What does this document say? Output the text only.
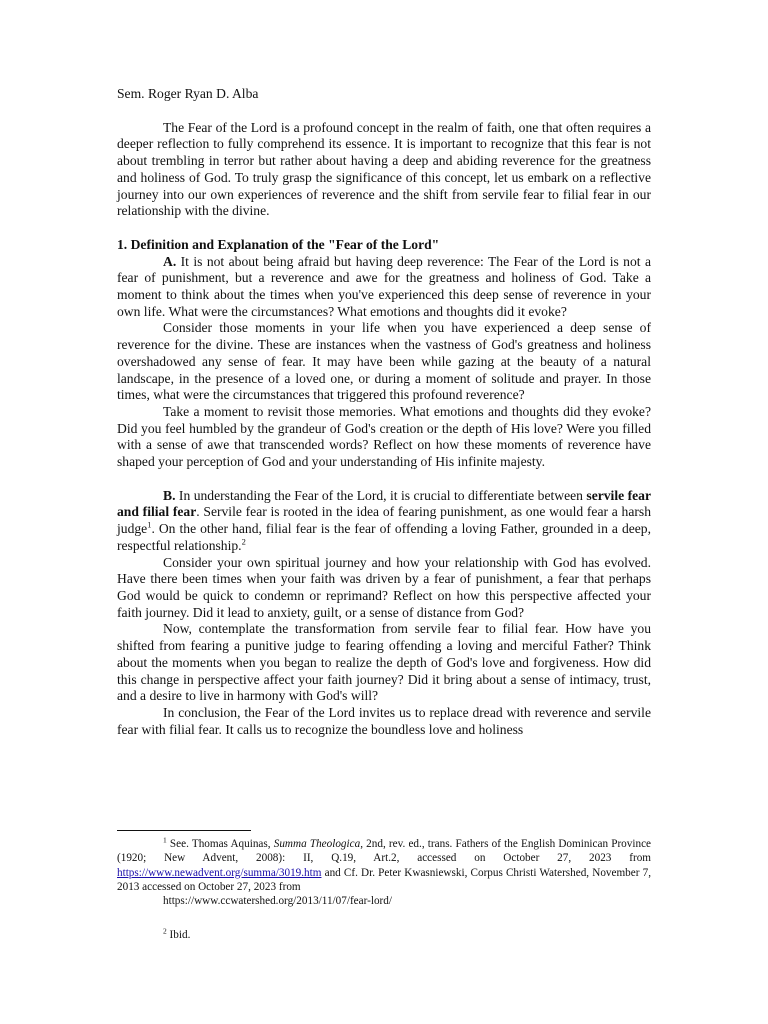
Sem. Roger Ryan D. Alba

The Fear of the Lord is a profound concept in the realm of faith, one that often requires a deeper reflection to fully comprehend its essence. It is important to recognize that this fear is not about trembling in terror but rather about having a deep and abiding reverence for the greatness and holiness of God. To truly grasp the significance of this concept, let us embark on a reflective journey into our own experiences of reverence and the shift from servile fear to filial fear in our relationship with the divine.

1. Definition and Explanation of the "Fear of the Lord"

A. It is not about being afraid but having deep reverence: The Fear of the Lord is not a fear of punishment, but a reverence and awe for the greatness and holiness of God. Take a moment to think about the times when you've experienced this deep sense of reverence in your own life. What were the circumstances? What emotions and thoughts did it evoke?

Consider those moments in your life when you have experienced a deep sense of reverence for the divine. These are instances when the vastness of God's greatness and holiness overshadowed any sense of fear. It may have been while gazing at the beauty of a natural landscape, in the presence of a loved one, or during a moment of solitude and prayer. In those times, what were the circumstances that triggered this profound reverence?

Take a moment to revisit those memories. What emotions and thoughts did they evoke? Did you feel humbled by the grandeur of God's creation or the depth of His love? Were you filled with a sense of awe that transcended words? Reflect on how these moments of reverence have shaped your perception of God and your understanding of His infinite majesty.

B. In understanding the Fear of the Lord, it is crucial to differentiate between servile fear and filial fear. Servile fear is rooted in the idea of fearing punishment, as one would fear a harsh judge$^1$. On the other hand, filial fear is the fear of offending a loving Father, grounded in a deep, respectful relationship.$^2$

Consider your own spiritual journey and how your relationship with God has evolved. Have there been times when your faith was driven by a fear of punishment, a fear that perhaps God would be quick to condemn or reprimand? Reflect on how this perspective affected your faith journey. Did it lead to anxiety, guilt, or a sense of distance from God?

Now, contemplate the transformation from servile fear to filial fear. How have you shifted from fearing a punitive judge to fearing offending a loving and merciful Father? Think about the moments when you began to realize the depth of God's love and forgiveness. How did this change in perspective affect your faith journey? Did it bring about a sense of intimacy, trust, and a desire to live in harmony with God's will?

In conclusion, the Fear of the Lord invites us to replace dread with reverence and servile fear with filial fear. It calls us to recognize the boundless love and holiness

$^1$ See. Thomas Aquinas, Summa Theologica, 2nd, rev. ed., trans. Fathers of the English Dominican Province (1920; New Advent, 2008): II, Q.19, Art.2, accessed on October 27, 2023 from https://www.newadvent.org/summa/3019.htm and Cf. Dr. Peter Kwasniewski, Corpus Christi Watershed, November 7, 2013 accessed on October 27, 2023 from

https://www.ccwatershed.org/2013/11/07/fear-lord/

$^2$ Ibid.
